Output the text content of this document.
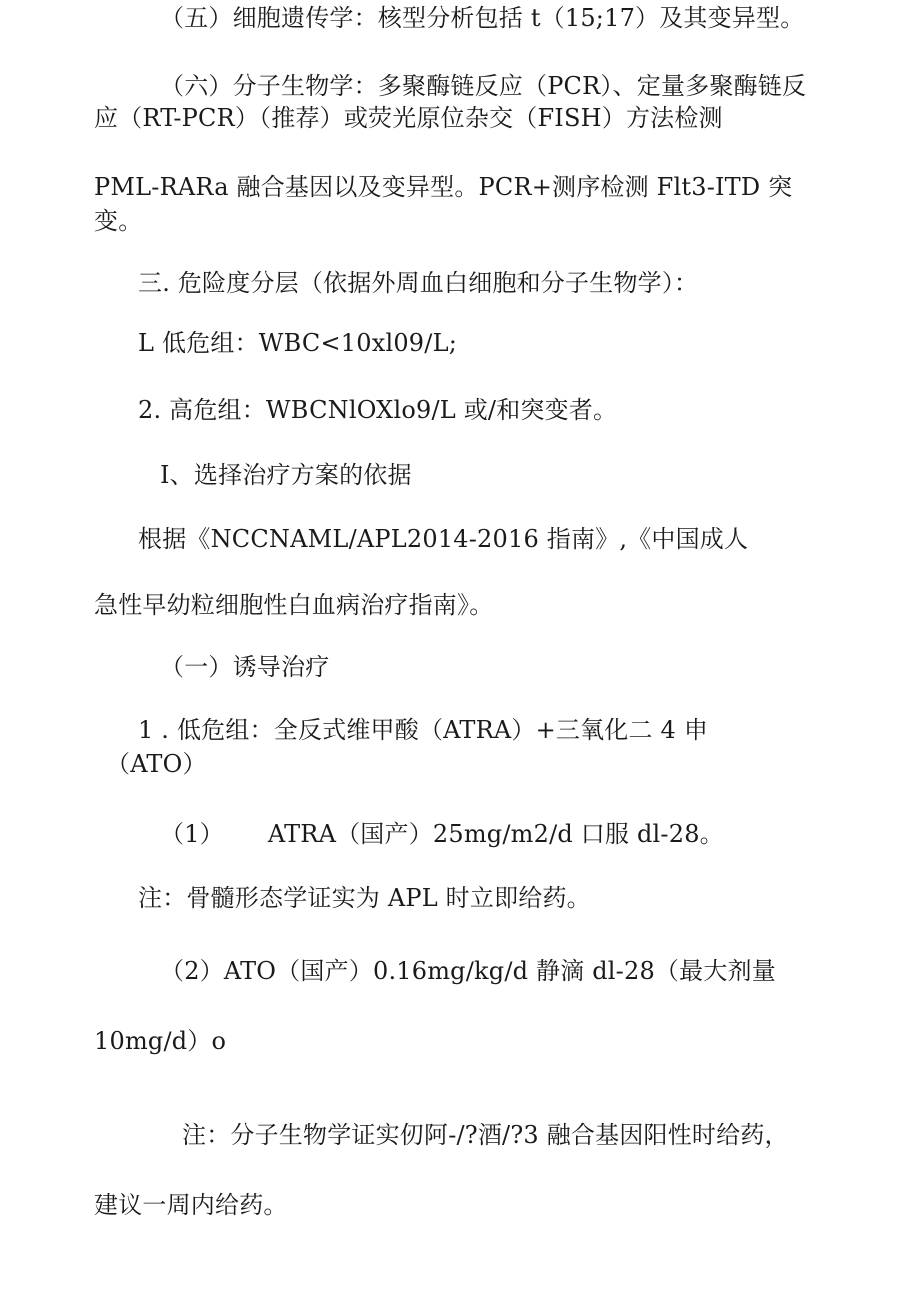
（五）细胞遗传学：核型分析包括 t（15;17）及其变异型。

（六）分子生物学：多聚酶链反应（PCR）、定量多聚酶链反

应（RT-PCR）（推荐）或荧光原位杂交（FISH）方法检测

PML-RARa 融合基因以及变异型。PCR+测序检测 Flt3-ITD 突

变。

三. 危险度分层（依据外周血白细胞和分子生物学）：

L 低危组：WBC<10xl09∕L;

2. 高危组：WBCNlOXlo9/L 或/和突变者。

I、选择治疗方案的依据

根据《NCCNAML/APL2014-2016 指南》,《中国成人

急性早幼粒细胞性白血病治疗指南》。

（一）诱导治疗

1 . 低危组：全反式维甲酸（ATRA）+三氧化二 4 申

（ATO）

（1） ATRA（国产）25mg∕m2∕d 口服 dl-28。

注：骨髓形态学证实为 APL 时立即给药。

（2）ATO（国产）0.16mg∕kg∕d 静滴 dl-28（最大剂量

10mg∕d）o

注：分子生物学证实仞阿-/?酒/?3 融合基因阳性时给药，

建议一周内给药。
